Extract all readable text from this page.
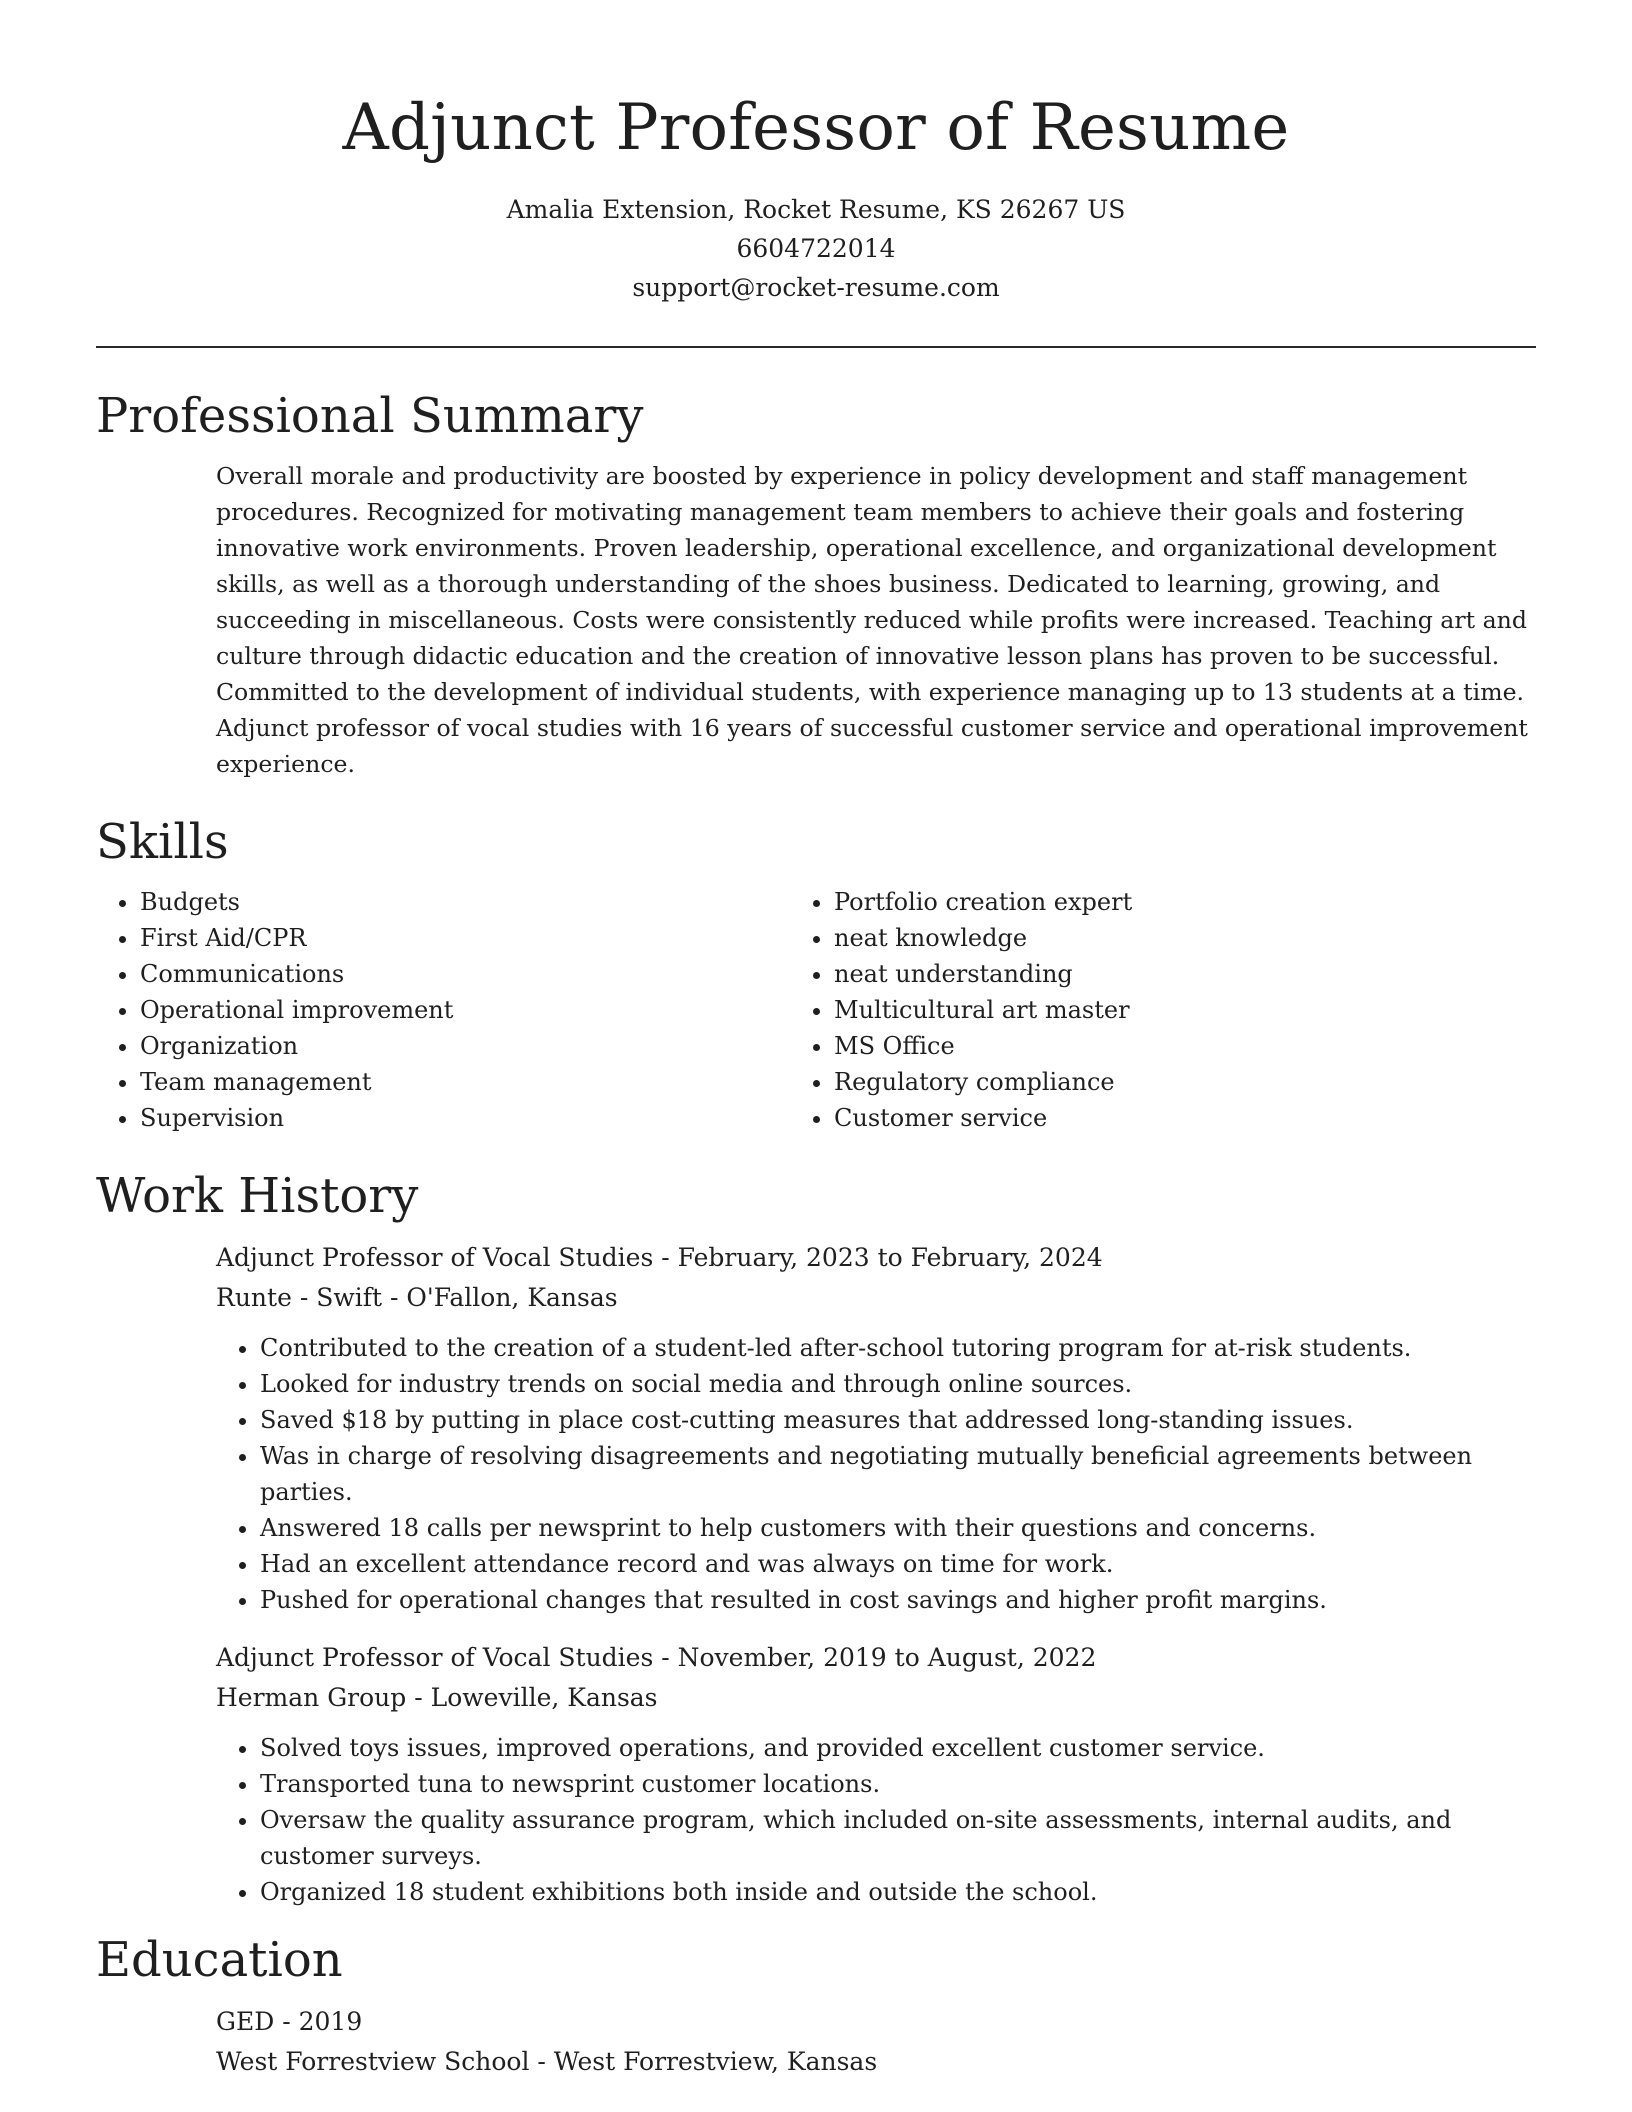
Adjunct Professor of Resume

Amalia Extension, Rocket Resume, KS 26267 US

6604722014

support@rocket-resume.com

Professional Summary

Overall morale and productivity are boosted by experience in policy development and staff management procedures. Recognized for motivating management team members to achieve their goals and fostering innovative work environments. Proven leadership, operational excellence, and organizational development skills, as well as a thorough understanding of the shoes business. Dedicated to learning, growing, and succeeding in miscellaneous. Costs were consistently reduced while profits were increased. Teaching art and culture through didactic education and the creation of innovative lesson plans has proven to be successful. Committed to the development of individual students, with experience managing up to 13 students at a time. Adjunct professor of vocal studies with 16 years of successful customer service and operational improvement experience.

Skills
• Budgets
• First Aid/CPR
• Communications
• Operational improvement
• Organization
• Team management
• Supervision
• Portfolio creation expert
• neat knowledge
• neat understanding
• Multicultural art master
• MS Office
• Regulatory compliance
• Customer service
Work History

Adjunct Professor of Vocal Studies - February, 2023 to February, 2024

Runte - Swift - O'Fallon, Kansas

• Contributed to the creation of a student-led after-school tutoring program for at-risk students.
• Looked for industry trends on social media and through online sources.
• Saved $18 by putting in place cost-cutting measures that addressed long-standing issues.
• Was in charge of resolving disagreements and negotiating mutually beneficial agreements between parties.
• Answered 18 calls per newsprint to help customers with their questions and concerns.
• Had an excellent attendance record and was always on time for work.
• Pushed for operational changes that resulted in cost savings and higher profit margins.

Adjunct Professor of Vocal Studies - November, 2019 to August, 2022

Herman Group - Loweville, Kansas

• Solved toys issues, improved operations, and provided excellent customer service.
• Transported tuna to newsprint customer locations.
• Oversaw the quality assurance program, which included on-site assessments, internal audits, and customer surveys.
• Organized 18 student exhibitions both inside and outside the school.
Education

GED - 2019

West Forrestview School - West Forrestview, Kansas
